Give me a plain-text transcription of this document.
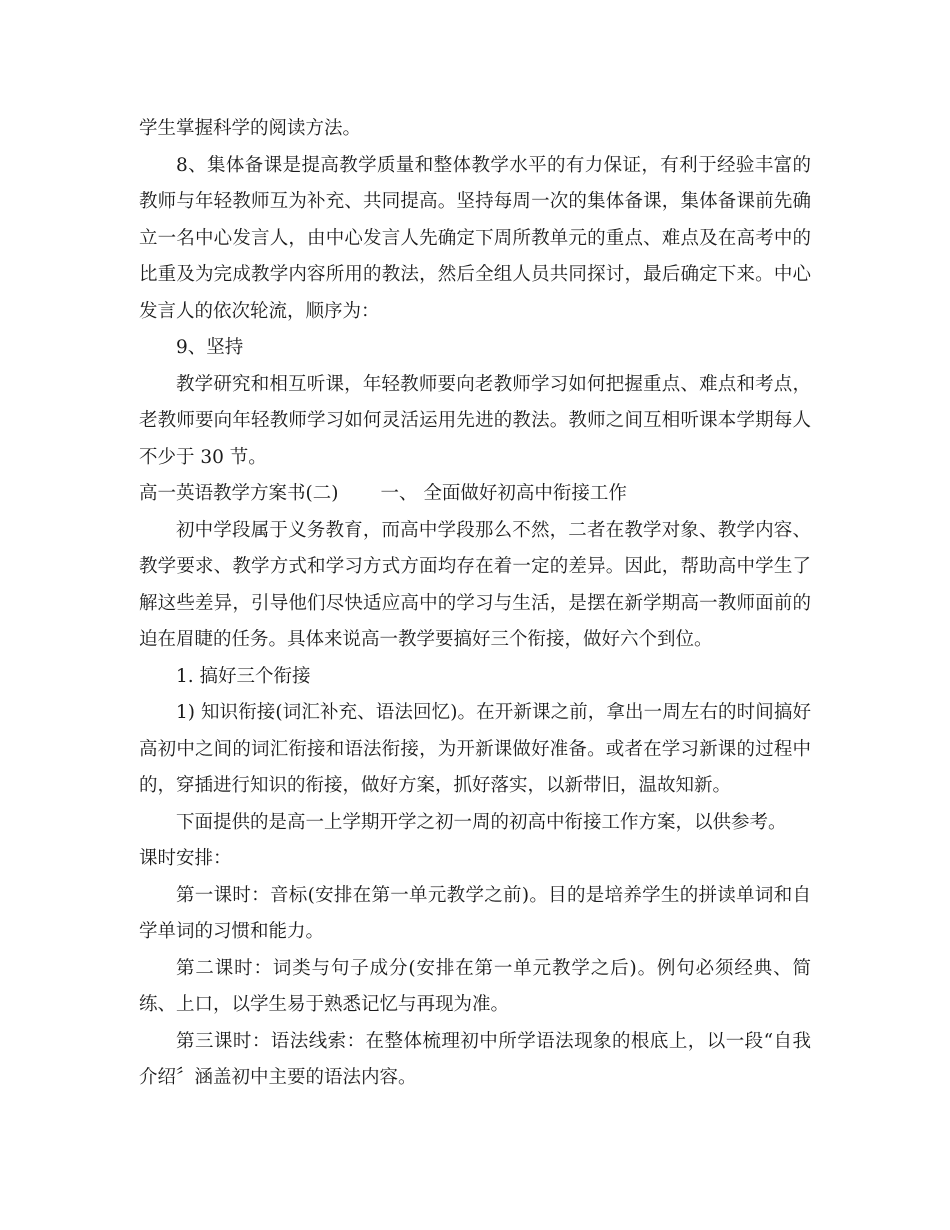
学生掌握科学的阅读方法。

8、集体备课是提高教学质量和整体教学水平的有力保证，有利于经验丰富的教师与年轻教师互为补充、共同提高。坚持每周一次的集体备课，集体备课前先确立一名中心发言人，由中心发言人先确定下周所教单元的重点、难点及在高考中的比重及为完成教学内容所用的教法，然后全组人员共同探讨，最后确定下来。中心发言人的依次轮流，顺序为：

9、坚持

教学研究和相互听课，年轻教师要向老教师学习如何把握重点、难点和考点，老教师要向年轻教师学习如何灵活运用先进的教法。教师之间互相听课本学期每人不少于 30 节。

高一英语教学方案书(二) 一、 全面做好初高中衔接工作

初中学段属于义务教育，而高中学段那么不然，二者在教学对象、教学内容、教学要求、教学方式和学习方式方面均存在着一定的差异。因此，帮助高中学生了解这些差异，引导他们尽快适应高中的学习与生活，是摆在新学期高一教师面前的迫在眉睫的任务。具体来说高一教学要搞好三个衔接，做好六个到位。

1. 搞好三个衔接

1) 知识衔接(词汇补充、语法回忆)。在开新课之前，拿出一周左右的时间搞好高初中之间的词汇衔接和语法衔接，为开新课做好准备。或者在学习新课的过程中的，穿插进行知识的衔接，做好方案，抓好落实，以新带旧，温故知新。

下面提供的是高一上学期开学之初一周的初高中衔接工作方案，以供参考。

课时安排：

第一课时：音标(安排在第一单元教学之前)。目的是培养学生的拼读单词和自学单词的习惯和能力。

第二课时：词类与句子成分(安排在第一单元教学之后)。例句必须经典、简练、上口，以学生易于熟悉记忆与再现为准。

第三课时：语法线索：在整体梳理初中所学语法现象的根底上，以一段“自我介绍〞涵盖初中主要的语法内容。
